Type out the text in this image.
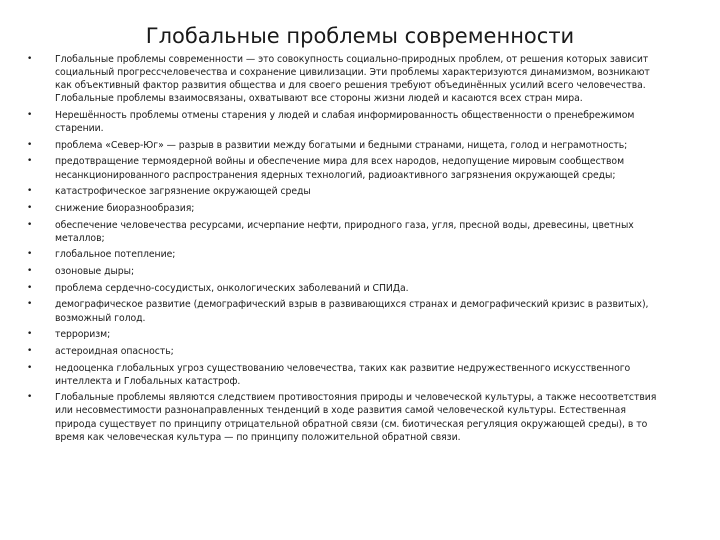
Глобальные проблемы современности
• Глобальные проблемы современности — это совокупность социально-природных проблем, от решения которых зависит социальный прогрессчеловечества и сохранение цивилизации. Эти проблемы характеризуются динамизмом, возникают как объективный фактор развития общества и для своего решения требуют объединённых усилий всего человечества. Глобальные проблемы взаимосвязаны, охватывают все стороны жизни людей и касаются всех стран мира.
• Нерешённость проблемы отмены старения у людей и слабая информированность общественности о пренебрежимом старении.
• проблема «Север-Юг» — разрыв в развитии между богатыми и бедными странами, нищета, голод и неграмотность;
• предотвращение термоядерной войны и обеспечение мира для всех народов, недопущение мировым сообществом несанкционированного распространения ядерных технологий, радиоактивного загрязнения окружающей среды;
• катастрофическое загрязнение окружающей среды
• снижение биоразнообразия;
• обеспечение человечества ресурсами, исчерпание нефти, природного газа, угля, пресной воды, древесины, цветных металлов;
• глобальное потепление;
• озоновые дыры;
• проблема сердечно-сосудистых, онкологических заболеваний и СПИДа.
• демографическое развитие (демографический взрыв в развивающихся странах и демографический кризис в развитых), возможный голод.
• терроризм;
• астероидная опасность;
• недооценка глобальных угроз существованию человечества, таких как развитие недружественного искусственного интеллекта и Глобальных катастроф.
• Глобальные проблемы являются следствием противостояния природы и человеческой культуры, а также несоответствия или несовместимости разнонаправленных тенденций в ходе развития самой человеческой культуры. Естественная природа существует по принципу отрицательной обратной связи (см. биотическая регуляция окружающей среды), в то время как человеческая культура — по принципу положительной обратной связи.
